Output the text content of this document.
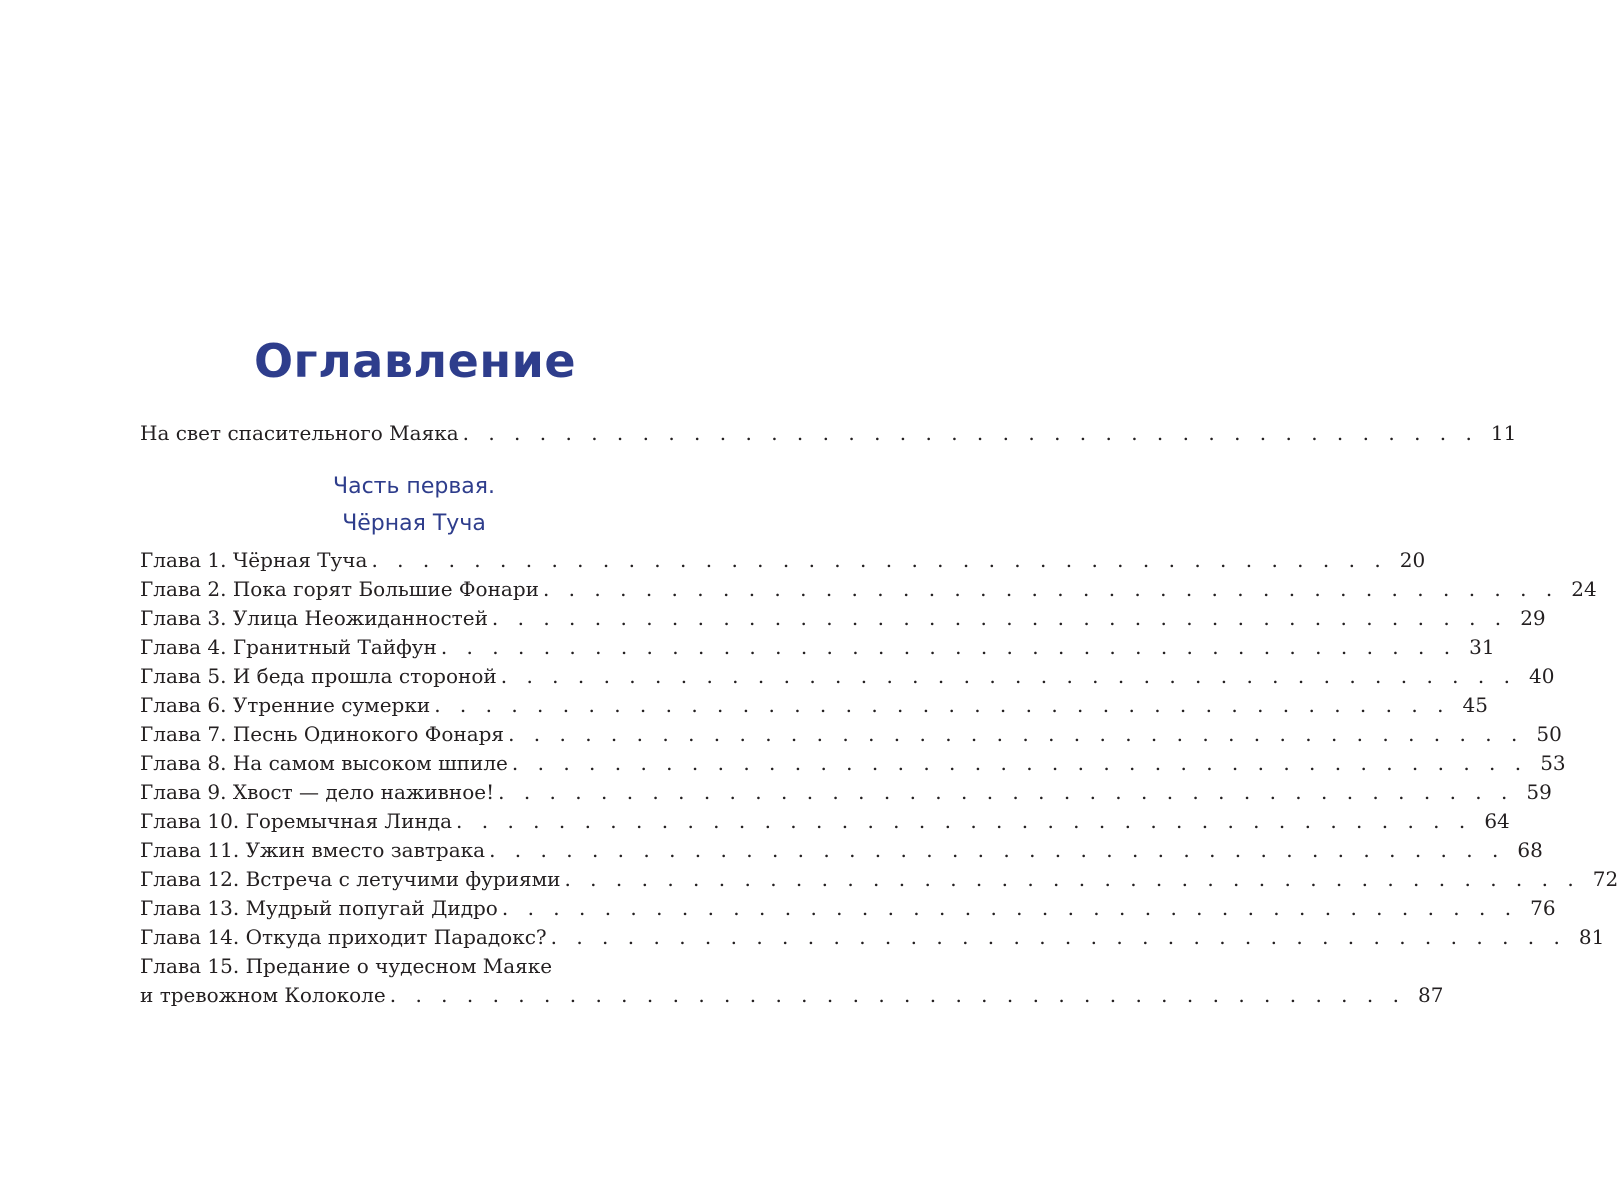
Оглавление
На свет спасительного Маяка . . . . . . . . . . . . . . . . . . . . . . . . . . . . . . . . . . . . . . . . 11
Часть первая.
Чёрная Туча
Глава 1. Чёрная Туча . . . . . . . . . . . . . . . . . . . . . . . . . . . . . . . . . . . . . . . . 20
Глава 2. Пока горят Большие Фонари . . . . . . . . . . . . . . . . . . . . . . . . . . . . . . . . . . . . . . . . 24
Глава 3. Улица Неожиданностей . . . . . . . . . . . . . . . . . . . . . . . . . . . . . . . . . . . . . . . . 29
Глава 4. Гранитный Тайфун . . . . . . . . . . . . . . . . . . . . . . . . . . . . . . . . . . . . . . . . 31
Глава 5. И беда прошла стороной . . . . . . . . . . . . . . . . . . . . . . . . . . . . . . . . . . . . . . . . 40
Глава 6. Утренние сумерки . . . . . . . . . . . . . . . . . . . . . . . . . . . . . . . . . . . . . . . . 45
Глава 7. Песнь Одинокого Фонаря . . . . . . . . . . . . . . . . . . . . . . . . . . . . . . . . . . . . . . . . 50
Глава 8. На самом высоком шпиле . . . . . . . . . . . . . . . . . . . . . . . . . . . . . . . . . . . . . . . . 53
Глава 9. Хвост — дело наживное! . . . . . . . . . . . . . . . . . . . . . . . . . . . . . . . . . . . . . . . . 59
Глава 10. Горемычная Линда . . . . . . . . . . . . . . . . . . . . . . . . . . . . . . . . . . . . . . . . 64
Глава 11. Ужин вместо завтрака . . . . . . . . . . . . . . . . . . . . . . . . . . . . . . . . . . . . . . . . 68
Глава 12. Встреча с летучими фуриями . . . . . . . . . . . . . . . . . . . . . . . . . . . . . . . . . . . . . . . . 72
Глава 13. Мудрый попугай Дидро . . . . . . . . . . . . . . . . . . . . . . . . . . . . . . . . . . . . . . . . 76
Глава 14. Откуда приходит Парадокс? . . . . . . . . . . . . . . . . . . . . . . . . . . . . . . . . . . . . . . . . 81
Глава 15. Предание о чудесном Маяке
и тревожном Колоколе . . . . . . . . . . . . . . . . . . . . . . . . . . . . . . . . . . . . . . . . 87
